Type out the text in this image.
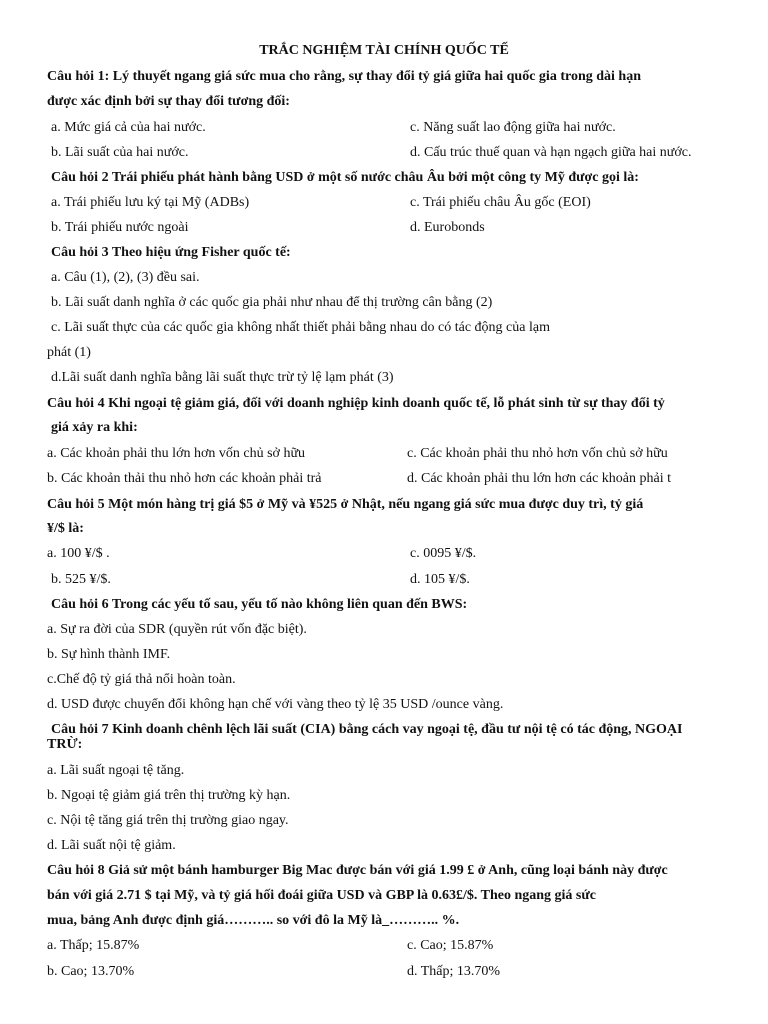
TRẮC NGHIỆM TÀI CHÍNH QUỐC TẾ
Câu hỏi 1: Lý thuyết ngang giá sức mua cho rằng, sự thay đổi tỷ giá giữa hai quốc gia trong dài hạn
được xác định bởi sự thay đổi tương đối:
a. Mức giá cả của hai nước.	c. Năng suất lao động giữa hai nước.
b. Lãi suất của hai nước.	d. Cấu trúc thuế quan và hạn ngạch giữa hai nước.
Câu hỏi 2 Trái phiếu phát hành bằng USD ở một số nước châu Âu bởi một công ty Mỹ được gọi là:
a. Trái phiếu lưu ký tại Mỹ (ADBs)	c. Trái phiếu châu Âu gốc (EOI)
b. Trái phiếu nước ngoài	d. Eurobonds
Câu hỏi 3 Theo hiệu ứng Fisher quốc tế:
a. Câu (1), (2), (3) đều sai.
b. Lãi suất danh nghĩa ở các quốc gia phải như nhau để thị trường cân bằng (2)
c. Lãi suất thực của các quốc gia không nhất thiết phải bằng nhau do có tác động của lạm
phát (1)
d.Lãi suất danh nghĩa bằng lãi suất thực trừ tỷ lệ lạm phát (3)
Câu hỏi 4 Khi ngoại tệ giảm giá, đối với doanh nghiệp kinh doanh quốc tế, lỗ phát sinh từ sự thay đổi tỷ
giá xảy ra khi:
a. Các khoản phải thu lớn hơn vốn chủ sở hữu	c. Các khoản phải thu nhỏ hơn vốn chủ sở hữu
b. Các khoản thải thu nhỏ hơn các khoản phải trả	d. Các khoản phải thu lớn hơn các khoản phải t
Câu hỏi 5 Một món hàng trị giá $5 ở Mỹ và ¥525 ở Nhật, nếu ngang giá sức mua được duy trì, tỷ giá
¥/$ là:
a. 100 ¥/$ .	c. 0095 ¥/$.
b. 525 ¥/$.	d. 105 ¥/$.
Câu hỏi 6 Trong các yếu tố sau, yếu tố nào không liên quan đến BWS:
a. Sự ra đời của SDR (quyền rút vốn đặc biệt).
b. Sự hình thành IMF.
c.Chế độ tỷ giá thả nổi hoàn toàn.
d. USD được chuyển đổi không hạn chế với vàng theo tỷ lệ 35 USD /ounce vàng.
Câu hỏi 7 Kinh doanh chênh lệch lãi suất (CIA) bằng cách vay ngoại tệ, đầu tư nội tệ có tác động, NGOẠI
TRỪ:
a. Lãi suất ngoại tệ tăng.
b. Ngoại tệ giảm giá trên thị trường kỳ hạn.
c. Nội tệ tăng giá trên thị trường giao ngay.
d. Lãi suất nội tệ giảm.
Câu hỏi 8 Giả sử một bánh hamburger Big Mac được bán với giá 1.99 £ ở Anh, cũng loại bánh này được
bán với giá 2.71 $ tại Mỹ, và tỷ giá hối đoái giữa USD và GBP là 0.63£/$. Theo ngang giá sức
mua, bảng Anh được định giá……….. so với đô la Mỹ là_……….. %.
a. Thấp; 15.87%	c. Cao; 15.87%
b. Cao; 13.70%	d. Thấp; 13.70%
